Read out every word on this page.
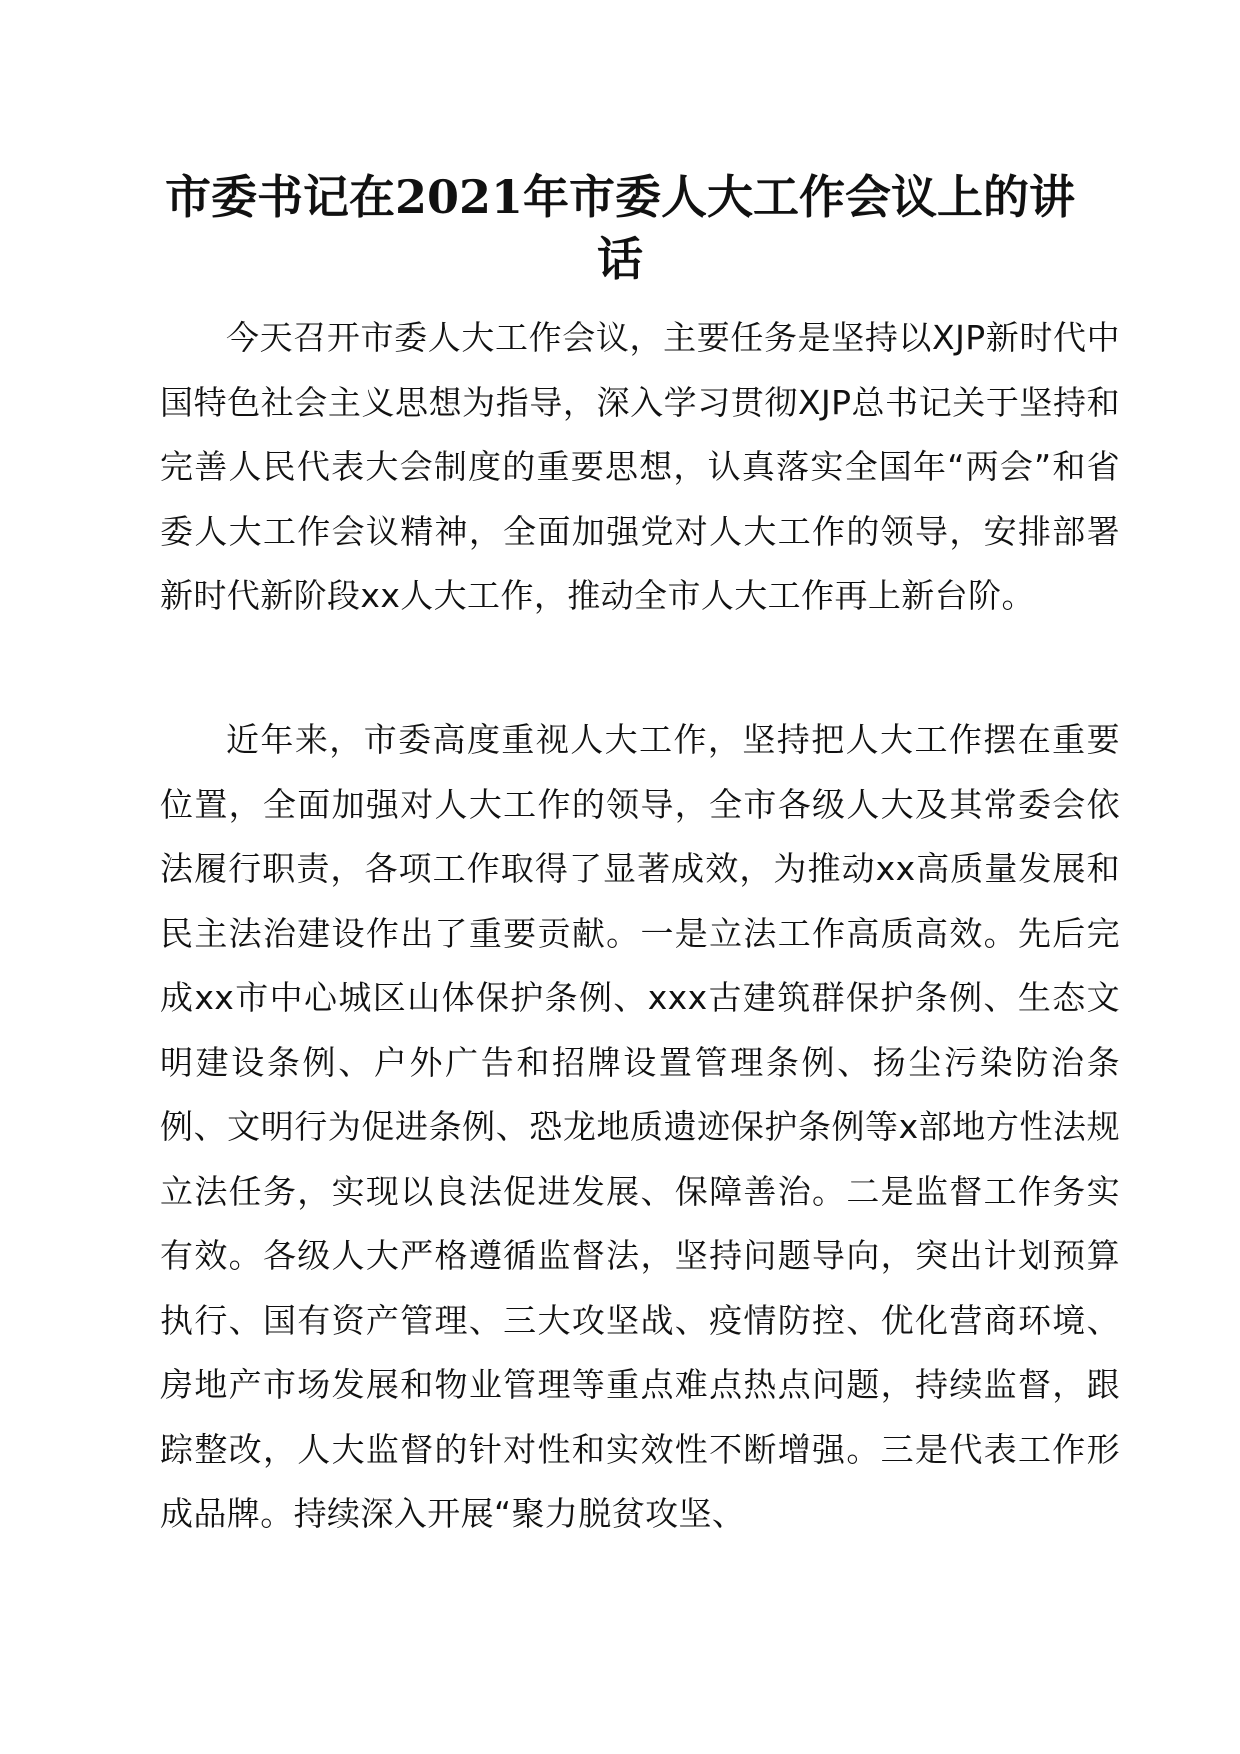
市委书记在2021年市委人大工作会议上的讲话

今天召开市委人大工作会议，主要任务是坚持以XJP新时代中国特色社会主义思想为指导，深入学习贯彻XJP总书记关于坚持和完善人民代表大会制度的重要思想，认真落实全国年“两会”和省委人大工作会议精神，全面加强党对人大工作的领导，安排部署新时代新阶段xx人大工作，推动全市人大工作再上新台阶。

近年来，市委高度重视人大工作，坚持把人大工作摆在重要位置，全面加强对人大工作的领导，全市各级人大及其常委会依法履行职责，各项工作取得了显著成效，为推动xx高质量发展和民主法治建设作出了重要贡献。一是立法工作高质高效。先后完成xx市中心城区山体保护条例、xxx古建筑群保护条例、生态文明建设条例、户外广告和招牌设置管理条例、扬尘污染防治条例、文明行为促进条例、恐龙地质遗迹保护条例等x部地方性法规立法任务，实现以良法促进发展、保障善治。二是监督工作务实有效。各级人大严格遵循监督法，坚持问题导向，突出计划预算执行、国有资产管理、三大攻坚战、疫情防控、优化营商环境、房地产市场发展和物业管理等重点难点热点问题，持续监督，跟踪整改，人大监督的针对性和实效性不断增强。三是代表工作形成品牌。持续深入开展“聚力脱贫攻坚、
